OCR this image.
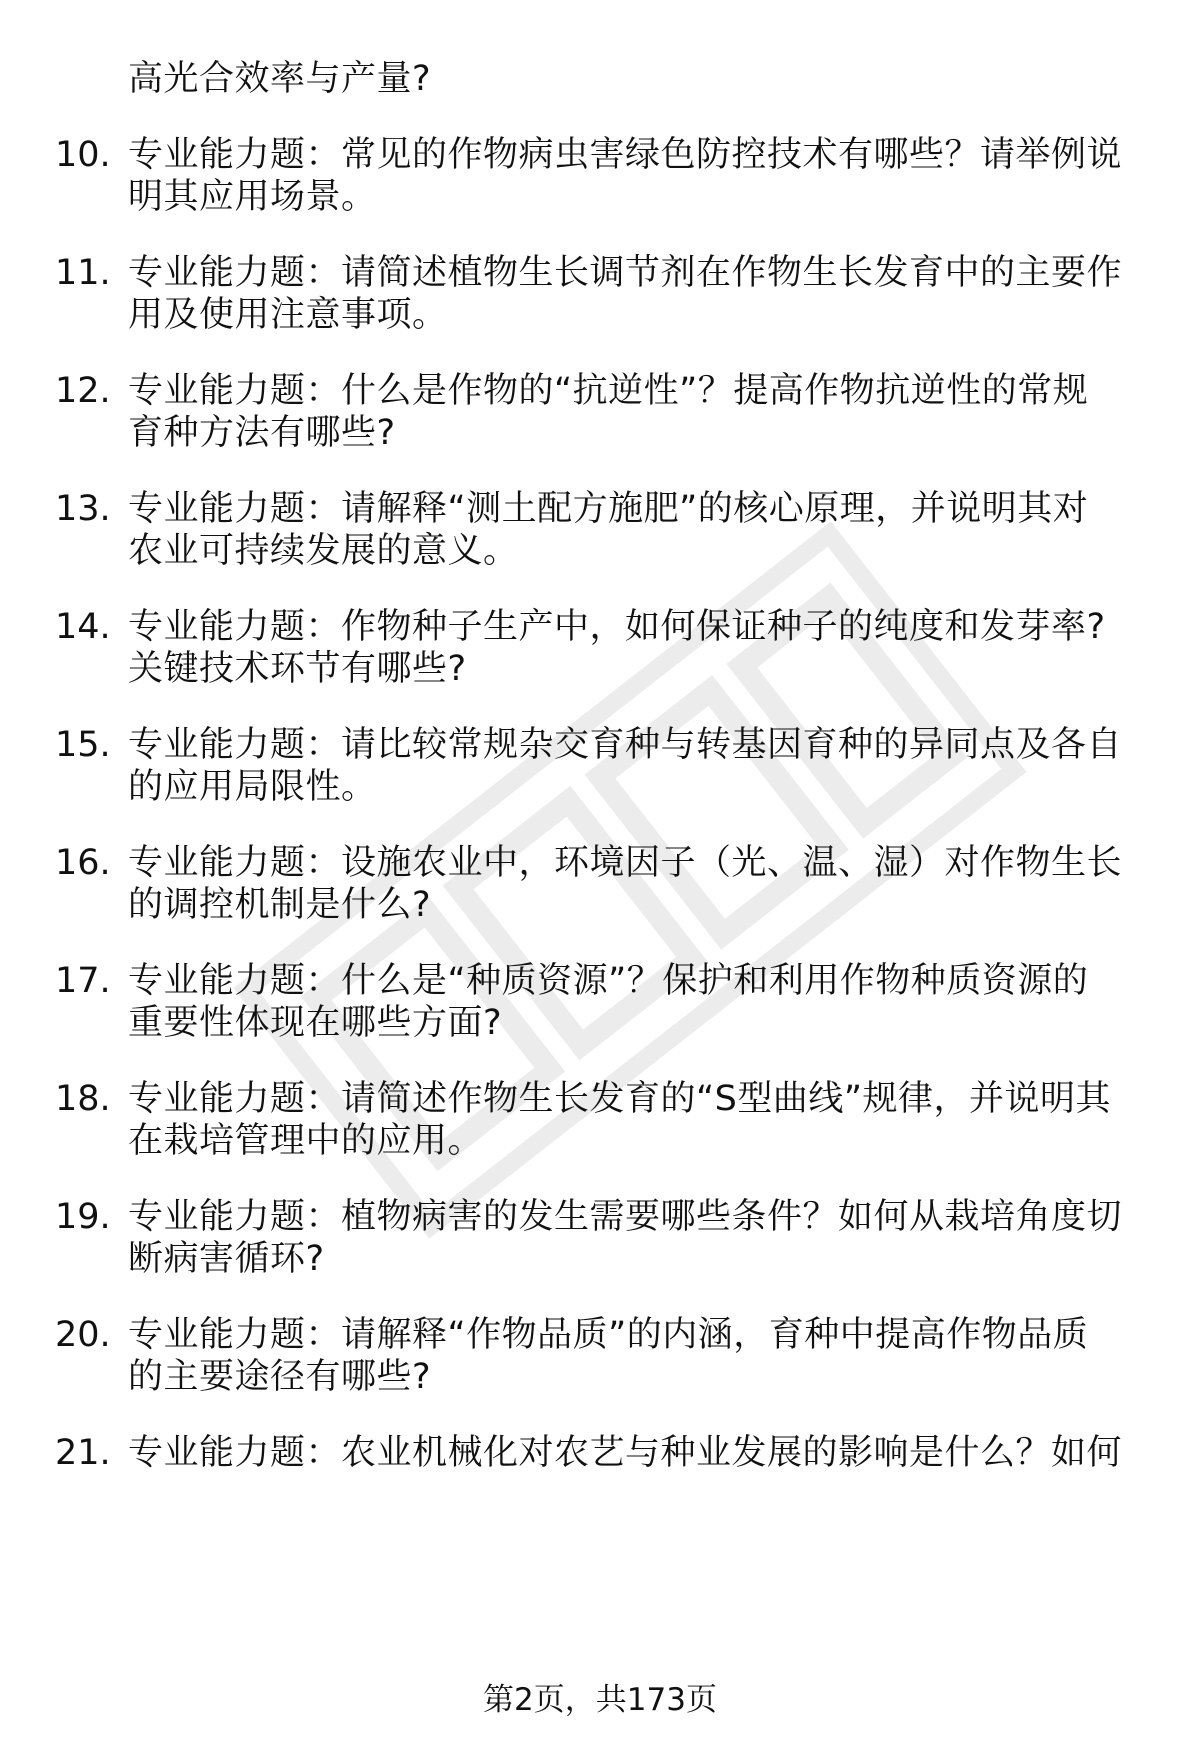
高光合效率与产量?
10. 专业能力题：常见的作物病虫害绿色防控技术有哪些？请举例说
明其应用场景。
11. 专业能力题：请简述植物生长调节剂在作物生长发育中的主要作
用及使用注意事项。
12. 专业能力题：什么是作物的“抗逆性”？提高作物抗逆性的常规
育种方法有哪些?
13. 专业能力题：请解释“测土配方施肥”的核心原理，并说明其对
农业可持续发展的意义。
14. 专业能力题：作物种子生产中，如何保证种子的纯度和发芽率?
关键技术环节有哪些?
15. 专业能力题：请比较常规杂交育种与转基因育种的异同点及各自
的应用局限性。
16. 专业能力题：设施农业中，环境因子（光、温、湿）对作物生长
的调控机制是什么?
17. 专业能力题：什么是“种质资源”？保护和利用作物种质资源的
重要性体现在哪些方面?
18. 专业能力题：请简述作物生长发育的“S型曲线”规律，并说明其
在栽培管理中的应用。
19. 专业能力题：植物病害的发生需要哪些条件？如何从栽培角度切
断病害循环?
20. 专业能力题：请解释“作物品质”的内涵，育种中提高作物品质
的主要途径有哪些?
21. 专业能力题：农业机械化对农艺与种业发展的影响是什么？如何
第2页，共173页
